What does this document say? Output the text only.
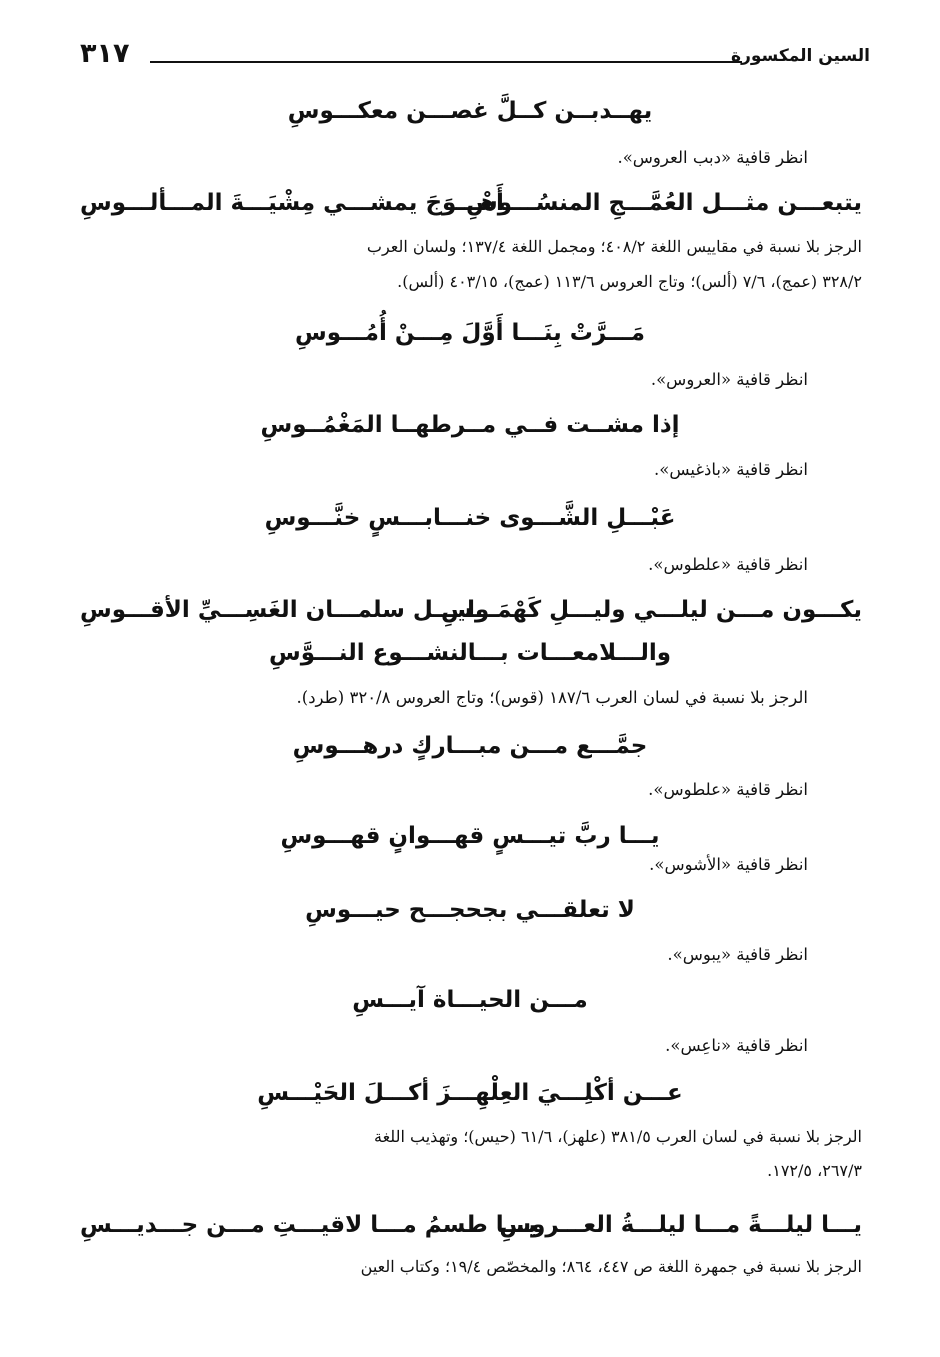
السين المكسورة
٣١٧

يهــدبــن كــلَّ غصـــن معكـــوسِ

انظر قافية «دبب العروس».

يتبعـــن مثـــل العُمَّـــجِ المنسُـــوسِ
أَهْـــوَجَ يمشـــي مِشْيَـــةَ المـــألـــوسِ

الرجز بلا نسبة في مقاييس اللغة ٤٠٨/٢؛ ومجمل اللغة ١٣٧/٤؛ ولسان العرب

٣٢٨/٢ (عمج)، ٧/٦ (ألس)؛ وتاج العروس ١١٣/٦ (عمج)، ٤٠٣/١٥ (ألس).

مَـــرَّتْ بِنَـــا أَوَّلَ مِـــنْ أُمُـــوسِ

انظر قافية «العروس».

إذا مشــت فــي مــرطهــا المَغْمُــوسِ

انظر قافية «باذغيس».

عَبْـــلِ الشَّـــوى خنـــابـــسٍ خنَّـــوسِ

انظر قافية «علطوس».

يكـــون مـــن ليلـــي وليـــلِ كَهْمَـــسِ
وليـــل سلمـــان الغَسِـــيِّ الأقـــوسِ

والـــلامعـــات بـــالنشـــوع النـــوَّسِ

الرجز بلا نسبة في لسان العرب ١٨٧/٦ (قوس)؛ وتاج العروس ٣٢٠/٨ (طرد).

جمَّـــع مـــن مبـــاركٍ درهـــوسِ

انظر قافية «علطوس».

يـــا ربَّ تيـــسٍ قهـــوانٍ قهـــوسِ

انظر قافية «الأشوس».

لا تعلقـــي بجحجـــح حيـــوسِ

انظر قافية «يبوس».

مـــن الحيـــاة آيـــسِ

انظر قافية «ناعِس».

عـــن أكْلِـــيَ العِلْهِـــزَ أكـــلَ الحَيْـــسِ

الرجز بلا نسبة في لسان العرب ٣٨١/٥ (علهز)، ٦١/٦ (حيس)؛ وتهذيب اللغة

٢٦٧/٣، ١٧٢/٥.

يـــا ليلـــةً مـــا ليلـــةُ العـــروسِ
يـــا طسمُ مـــا لاقيـــتِ مـــن جـــديـــسِ

الرجز بلا نسبة في جمهرة اللغة ص ٤٤٧، ٨٦٤؛ والمخصّص ١٩/٤؛ وكتاب العين
